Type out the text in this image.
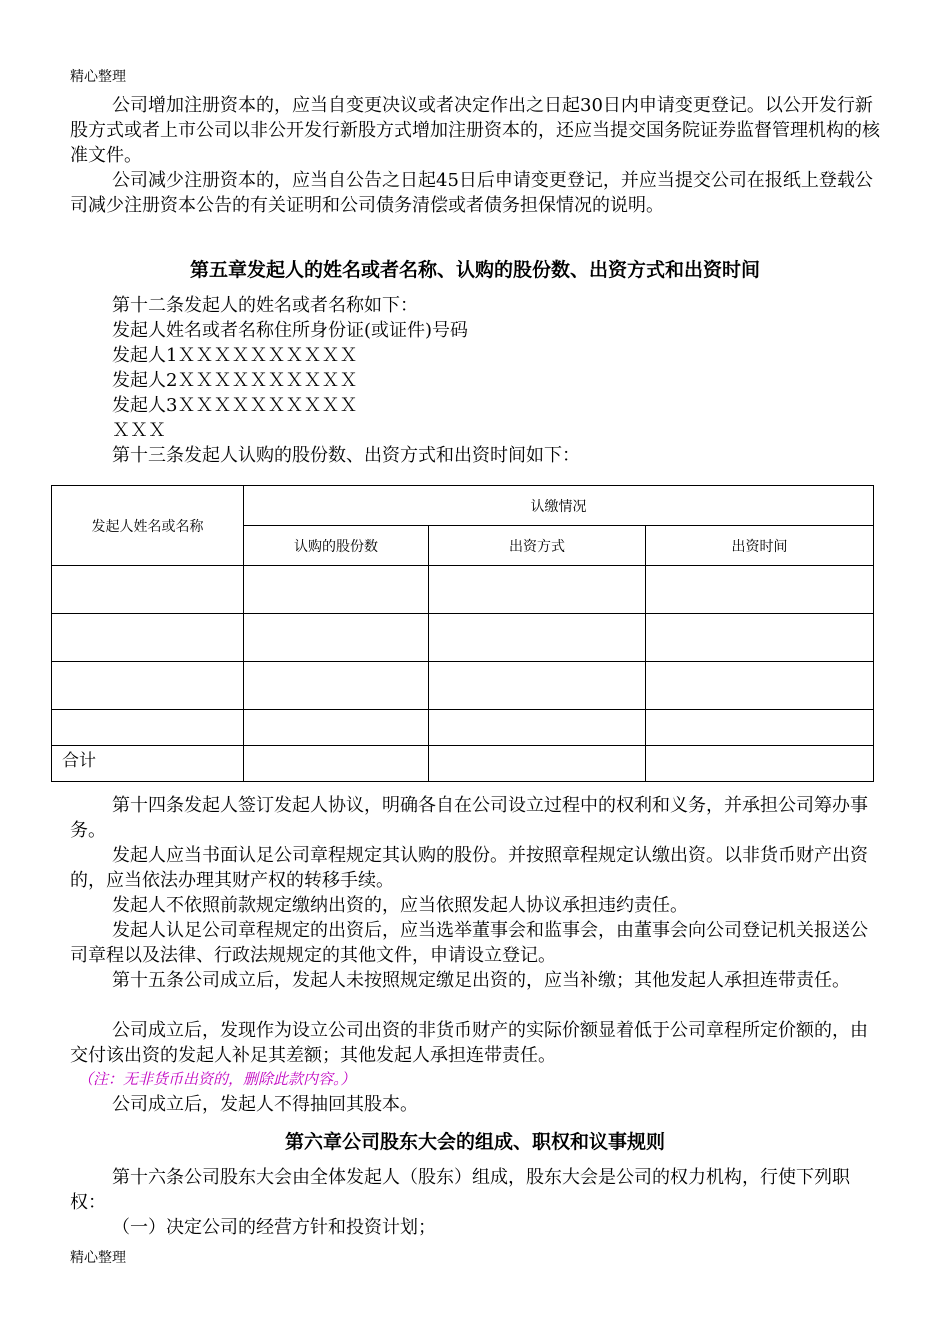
精心整理
公司增加注册资本的，应当自变更决议或者决定作出之日起30日内申请变更登记。以公开发行新股方式或者上市公司以非公开发行新股方式增加注册资本的，还应当提交国务院证券监督管理机构的核准文件。
公司减少注册资本的，应当自公告之日起45日后申请变更登记，并应当提交公司在报纸上登载公司减少注册资本公告的有关证明和公司债务清偿或者债务担保情况的说明。
第五章发起人的姓名或者名称、认购的股份数、出资方式和出资时间
第十二条发起人的姓名或者名称如下：
发起人姓名或者名称住所身份证(或证件)号码
发起人1ＸＸＸＸＸＸＸＸＸＸ
发起人2ＸＸＸＸＸＸＸＸＸＸ
发起人3ＸＸＸＸＸＸＸＸＸＸ
ＸＸＸ
第十三条发起人认购的股份数、出资方式和出资时间如下：
发起人姓名或名称	认缴情况		
	认购的股份数	出资方式	出资时间

合计			
第十四条发起人签订发起人协议，明确各自在公司设立过程中的权利和义务，并承担公司筹办事务。
发起人应当书面认足公司章程规定其认购的股份。并按照章程规定认缴出资。以非货币财产出资的，应当依法办理其财产权的转移手续。
发起人不依照前款规定缴纳出资的，应当依照发起人协议承担违约责任。
发起人认足公司章程规定的出资后，应当选举董事会和监事会，由董事会向公司登记机关报送公司章程以及法律、行政法规规定的其他文件，申请设立登记。
第十五条公司成立后，发起人未按照规定缴足出资的，应当补缴；其他发起人承担连带责任。
公司成立后，发现作为设立公司出资的非货币财产的实际价额显着低于公司章程所定价额的，由交付该出资的发起人补足其差额；其他发起人承担连带责任。
（注：无非货币出资的，删除此款内容。）
公司成立后，发起人不得抽回其股本。
第六章公司股东大会的组成、职权和议事规则
第十六条公司股东大会由全体发起人（股东）组成，股东大会是公司的权力机构，行使下列职权：
（一）决定公司的经营方针和投资计划；
精心整理
